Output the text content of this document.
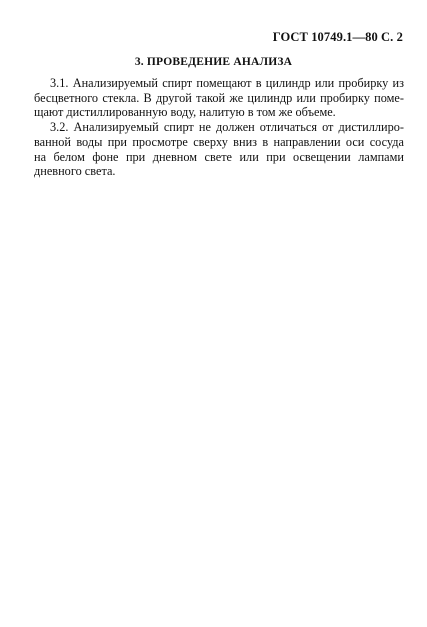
ГОСТ 10749.1—80 С. 2
3. ПРОВЕДЕНИЕ АНАЛИЗА

3.1. Анализируемый спирт помещают в цилиндр или пробирку из
бесцветного стекла. В другой такой же цилиндр или пробирку поме-
щают дистиллированную воду, налитую в том же объеме.

3.2. Анализируемый спирт не должен отличаться от дистиллиро-
ванной воды при просмотре сверху вниз в направлении оси сосуда
на белом фоне при дневном свете или при освещении лампами
дневного света.
